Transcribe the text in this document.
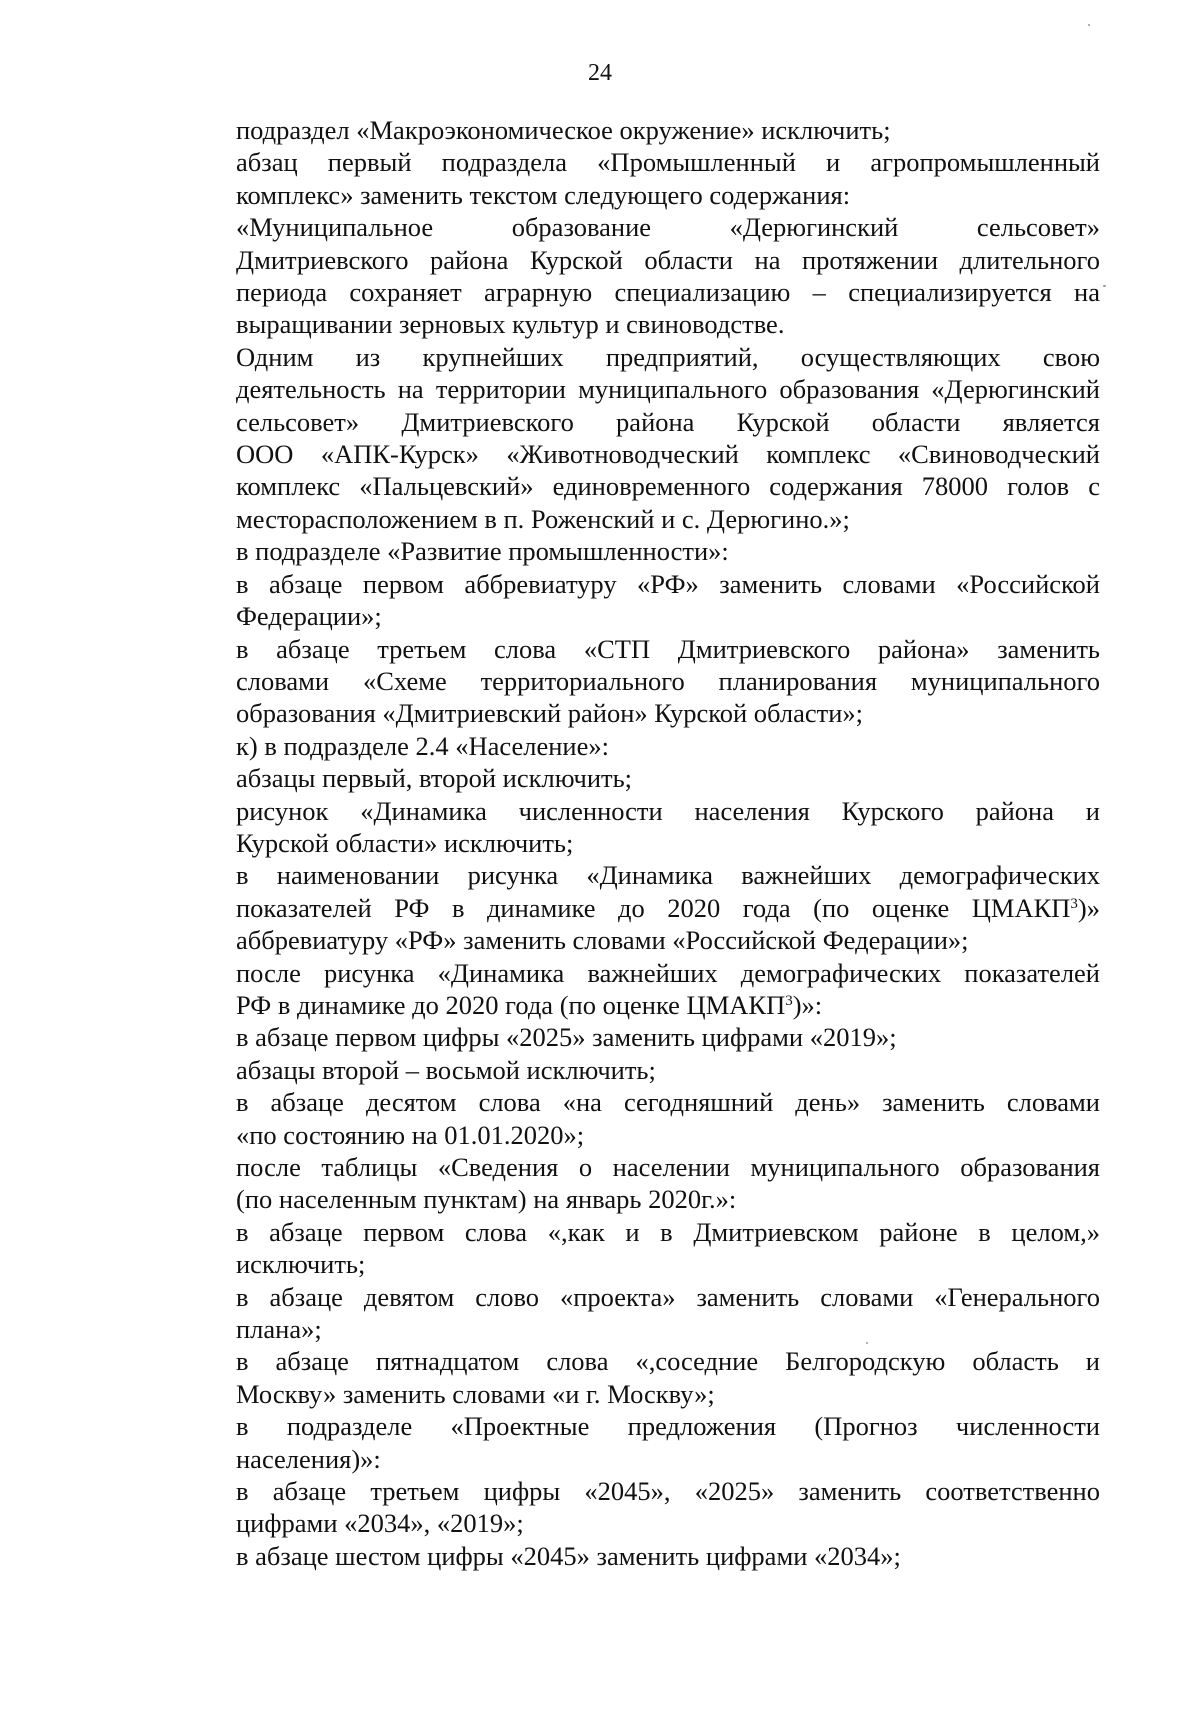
24

подраздел «Макроэкономическое окружение» исключить;

абзац первый подраздела «Промышленный и агропромышленный
комплекс» заменить текстом следующего содержания:
«Муниципальное образование «Дерюгинский сельсовет»
Дмитриевского района Курской области на протяжении длительного
периода сохраняет аграрную специализацию – специализируется на
выращивании зерновых культур и свиноводстве.
Одним из крупнейших предприятий, осуществляющих свою
деятельность на территории муниципального образования «Дерюгинский
сельсовет» Дмитриевского района Курской области является
ООО «АПК-Курск» «Животноводческий комплекс «Свиноводческий
комплекс «Пальцевский» единовременного содержания 78000 голов с
месторасположением в п. Роженский и с. Дерюгино.»;

в подразделе «Развитие промышленности»:

в абзаце первом аббревиатуру «РФ» заменить словами «Российской
Федерации»;
в абзаце третьем слова «СТП Дмитриевского района» заменить
словами «Схеме территориального планирования муниципального
образования «Дмитриевский район» Курской области»;

к) в подразделе 2.4 «Население»:

абзацы первый, второй исключить;

рисунок «Динамика численности населения Курского района и
Курской области» исключить;
в наименовании рисунка «Динамика важнейших демографических
показателей РФ в динамике до 2020 года (по оценке ЦМАКП$^3$)»
аббревиатуру «РФ» заменить словами «Российской Федерации»;
после рисунка «Динамика важнейших демографических показателей
РФ в динамике до 2020 года (по оценке ЦМАКП$^3$)»:

в абзаце первом цифры «2025» заменить цифрами «2019»;

абзацы второй – восьмой исключить;

в абзаце десятом слова «на сегодняшний день» заменить словами
«по состоянию на 01.01.2020»;
после таблицы «Сведения о населении муниципального образования
(по населенным пунктам) на январь 2020г.»:
в абзаце первом слова «,как и в Дмитриевском районе в целом,»
исключить;
в абзаце девятом слово «проекта» заменить словами «Генерального
плана»;
в абзаце пятнадцатом слова «,соседние Белгородскую область и
Москву» заменить словами «и г. Москву»;
в подразделе «Проектные предложения (Прогноз численности
населения)»:
в абзаце третьем цифры «2045», «2025» заменить соответственно
цифрами «2034», «2019»;

в абзаце шестом цифры «2045» заменить цифрами «2034»;
